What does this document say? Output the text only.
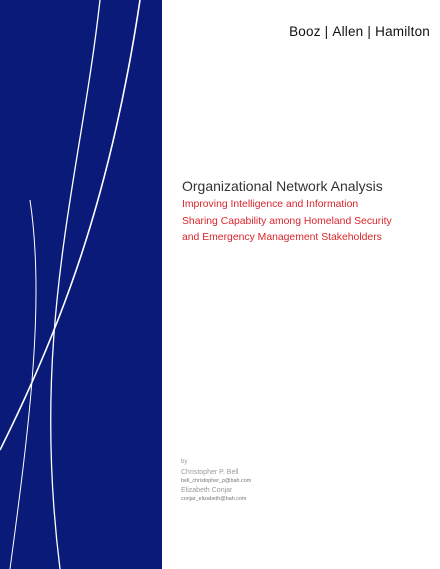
Booz | Allen | Hamilton
Organizational Network Analysis
Improving Intelligence and Information
Sharing Capability among Homeland Security
and Emergency Management Stakeholders
by
Christopher P. Bell
bell_christopher_p@bah.com
Elizabeth Conjar
conjar_elizabeth@bah.com
